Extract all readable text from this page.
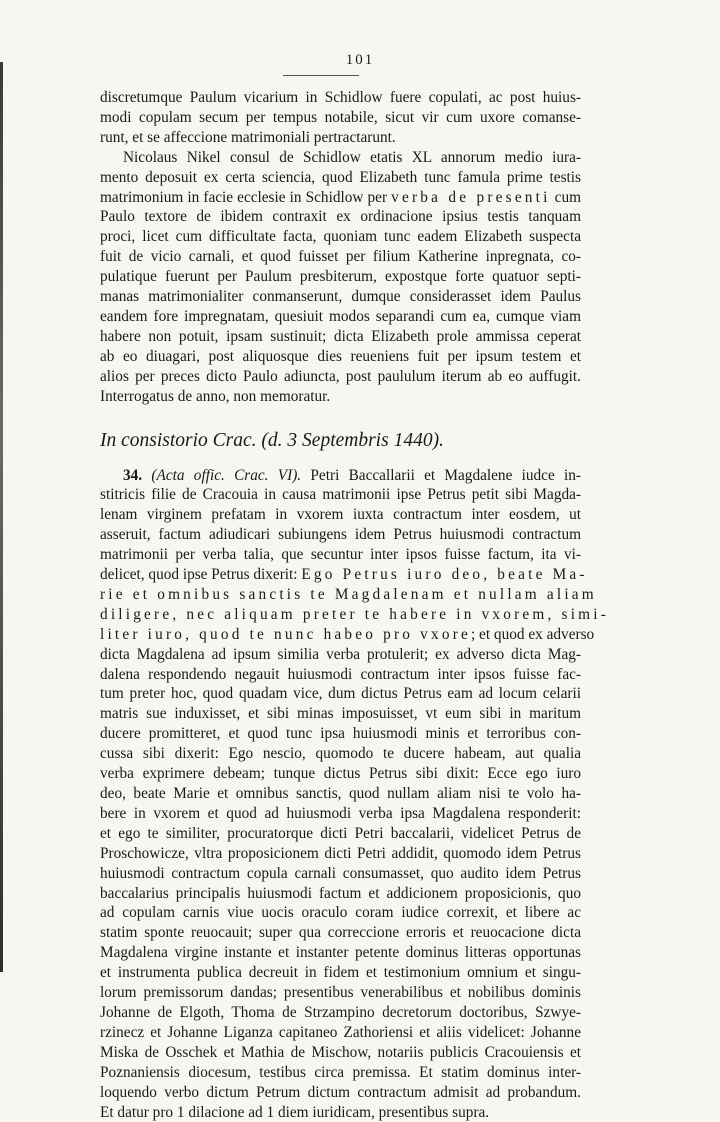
101

discretumque Paulum vicarium in Schidlow fuere copulati, ac post huius-
modi copulam secum per tempus notabile, sicut vir cum uxore comanse-
runt, et se affeccione matrimoniali pertractarunt.

Nicolaus Nikel consul de Schidlow etatis XL annorum medio iura-
mento deposuit ex certa sciencia, quod Elizabeth tunc famula prime testis
matrimonium in facie ecclesie in Schidlow per verba de presenti cum
Paulo textore de ibidem contraxit ex ordinacione ipsius testis tanquam
proci, licet cum difficultate facta, quoniam tunc eadem Elizabeth suspecta
fuit de vicio carnali, et quod fuisset per filium Katherine inpregnata, co-
pulatique fuerunt per Paulum presbiterum, expostque forte quatuor septi-
manas matrimonialiter conmanserunt, dumque considerasset idem Paulus
eandem fore impregnatam, quesiuit modos separandi cum ea, cumque viam
habere non potuit, ipsam sustinuit; dicta Elizabeth prole ammissa ceperat
ab eo diuagari, post aliquosque dies reueniens fuit per ipsum testem et
alios per preces dicto Paulo adiuncta, post paululum iterum ab eo auffugit.
Interrogatus de anno, non memoratur.

In consistorio Crac. (d. 3 Septembris 1440).

34. (Acta offic. Crac. VI). Petri Baccallarii et Magdalene iudce in-
stitricis filie de Cracouia in causa matrimonii ipse Petrus petit sibi Magda-
lenam virginem prefatam in vxorem iuxta contractum inter eosdem, ut
asseruit, factum adiudicari subiungens idem Petrus huiusmodi contractum
matrimonii per verba talia, que secuntur inter ipsos fuisse factum, ita vi-
delicet, quod ipse Petrus dixerit: Ego Petrus iuro deo, beate Ma-
rie et omnibus sanctis te Magdalenam et nullam aliam
diligere, nec aliquam preter te habere in vxorem, simi-
liter iuro, quod te nunc habeo pro vxore; et quod ex adverso
dicta Magdalena ad ipsum similia verba protulerit; ex adverso dicta Mag-
dalena respondendo negauit huiusmodi contractum inter ipsos fuisse fac-
tum preter hoc, quod quadam vice, dum dictus Petrus eam ad locum celarii
matris sue induxisset, et sibi minas imposuisset, vt eum sibi in maritum
ducere promitteret, et quod tunc ipsa huiusmodi minis et terroribus con-
cussa sibi dixerit: Ego nescio, quomodo te ducere habeam, aut qualia
verba exprimere debeam; tunque dictus Petrus sibi dixit: Ecce ego iuro
deo, beate Marie et omnibus sanctis, quod nullam aliam nisi te volo ha-
bere in vxorem et quod ad huiusmodi verba ipsa Magdalena responderit:
et ego te similiter, procuratorque dicti Petri baccalarii, videlicet Petrus de
Proschowicze, vltra proposicionem dicti Petri addidit, quomodo idem Petrus
huiusmodi contractum copula carnali consumasset, quo audito idem Petrus
baccalarius principalis huiusmodi factum et addicionem proposicionis, quo
ad copulam carnis viue uocis oraculo coram iudice correxit, et libere ac
statim sponte reuocauit; super qua correccione erroris et reuocacione dicta
Magdalena virgine instante et instanter petente dominus litteras opportunas
et instrumenta publica decreuit in fidem et testimonium omnium et singu-
lorum premissorum dandas; presentibus venerabilibus et nobilibus dominis
Johanne de Elgoth, Thoma de Strzampino decretorum doctoribus, Szwye-
rzinecz et Johanne Liganza capitaneo Zathoriensi et aliis videlicet: Johanne
Miska de Osschek et Mathia de Mischow, notariis publicis Cracouiensis et
Poznaniensis diocesum, testibus circa premissa. Et statim dominus inter-
loquendo verbo dictum Petrum dictum contractum admisit ad probandum.
Et datur pro 1 dilacione ad 1 diem iuridicam, presentibus supra.
